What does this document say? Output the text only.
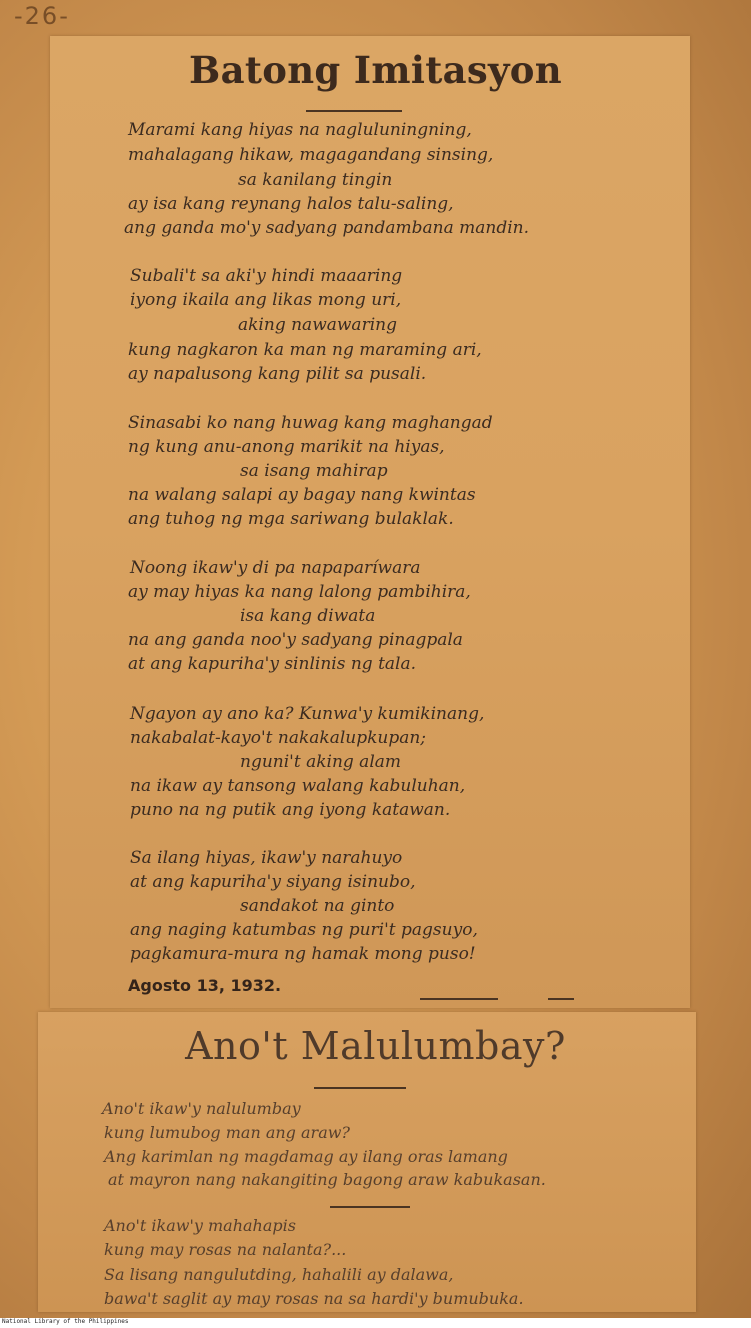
-26-
Batong Imitasyon
Marami kang hiyas na nagluluningning,
mahalagang hikaw, magagandang sinsing,
sa kanilang tingin
ay isa kang reynang halos talu-saling,
ang ganda mo'y sadyang pandambana mandin.
Subali't sa aki'y hindi maaaring
iyong ikaila ang likas mong uri,
aking nawawaring
kung nagkaron ka man ng maraming ari,
ay napalusong kang pilit sa pusali.
Sinasabi ko nang huwag kang maghangad
ng kung anu-anong marikit na hiyas,
sa isang mahirap
na walang salapi ay bagay nang kwintas
ang tuhog ng mga sariwang bulaklak.
Noong ikaw'y di pa napaparíwara
ay may hiyas ka nang lalong pambihira,
isa kang diwata
na ang ganda noo'y sadyang pinagpala
at ang kapuriha'y sinlinis ng tala.
Ngayon ay ano ka? Kunwa'y kumikinang,
nakabalat-kayo't nakakalupkupan;
nguni't aking alam
na ikaw ay tansong walang kabuluhan,
puno na ng putik ang iyong katawan.
Sa ilang hiyas, ikaw'y narahuyo
at ang kapuriha'y siyang isinubo,
sandakot na ginto
ang naging katumbas ng puri't pagsuyo,
pagkamura-mura ng hamak mong puso!
Agosto 13, 1932.
Ano't Malulumbay?
Ano't ikaw'y nalulumbay
kung lumubog man ang araw?
Ang karimlan ng magdamag ay ilang oras lamang
at mayron nang nakangiting bagong araw kabukasan.
Ano't ikaw'y mahahapis
kung may rosas na nalanta?...
Sa lisang nangulutding, hahalili ay dalawa,
bawa't saglit ay may rosas na sa hardi'y bumubuka.
National Library of the Philippines
